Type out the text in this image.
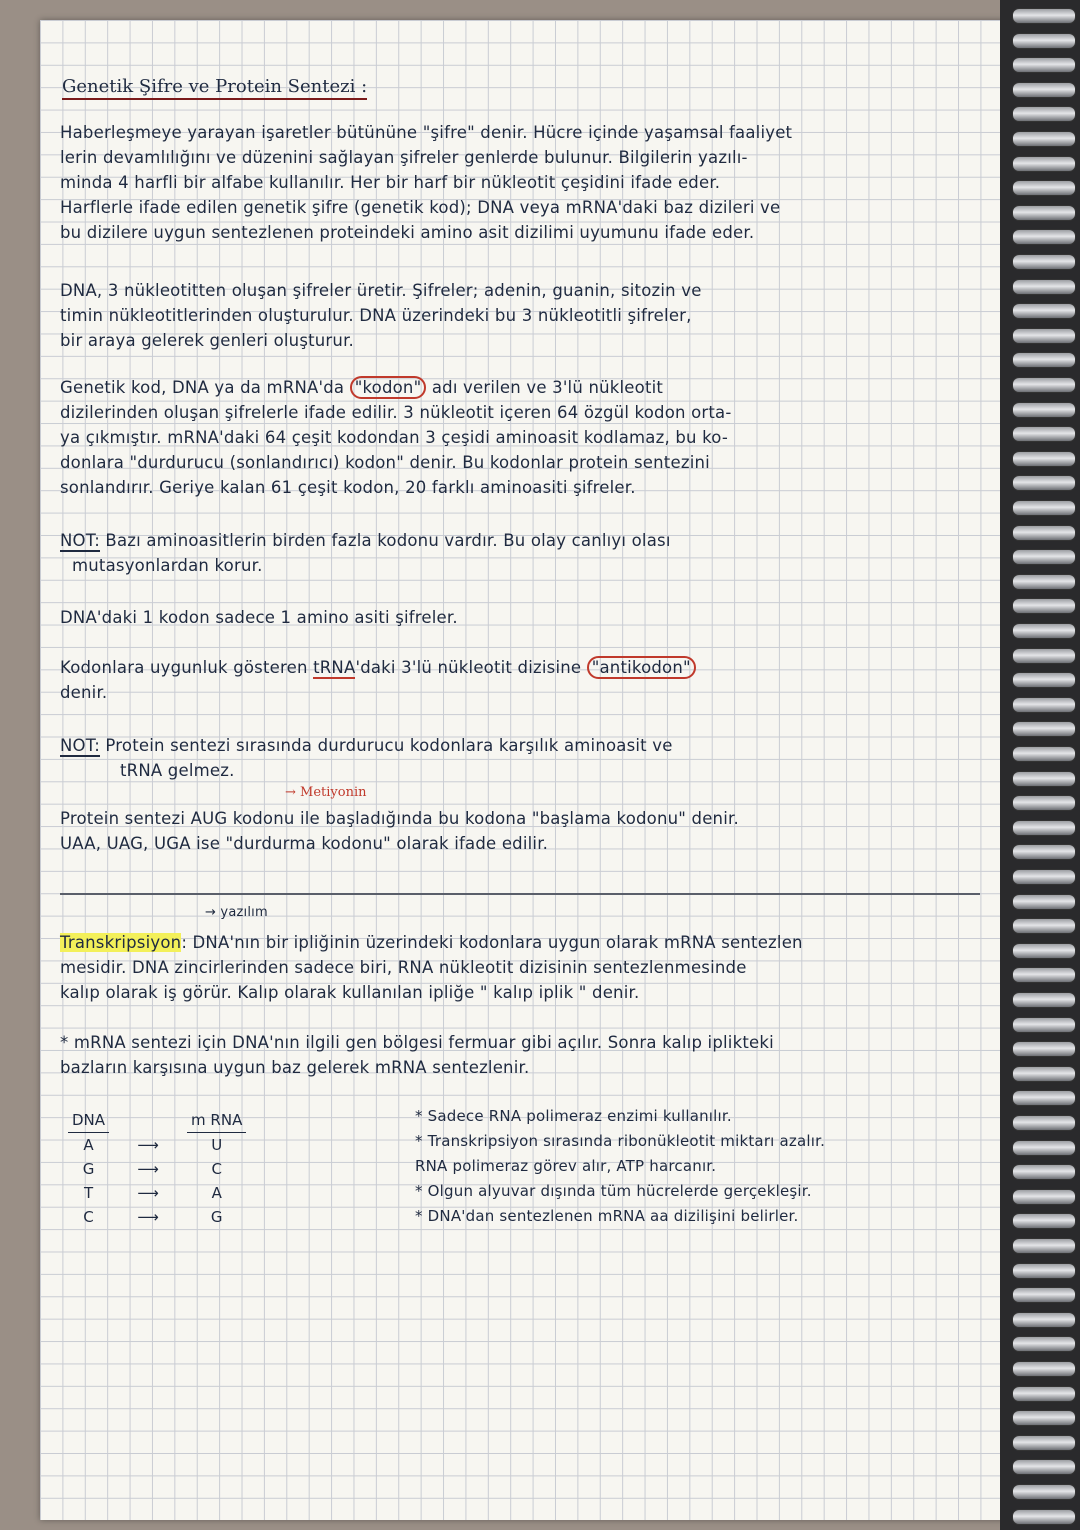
Genetik Şifre ve Protein Sentezi :
Haberleşmeye yarayan işaretler bütününe "şifre" denir. Hücre içinde yaşamsal faaliyet
lerin devamlılığını ve düzenini sağlayan şifreler genlerde bulunur. Bilgilerin yazılı-
minda 4 harfli bir alfabe kullanılır. Her bir harf bir nükleotit çeşidini ifade eder.
Harflerle ifade edilen genetik şifre (genetik kod); DNA veya mRNA'daki baz dizileri ve
bu dizilere uygun sentezlenen proteindeki amino asit dizilimi uyumunu ifade eder.
DNA, 3 nükleotitten oluşan şifreler üretir. Şifreler; adenin, guanin, sitozin ve
timin nükleotitlerinden oluşturulur. DNA üzerindeki bu 3 nükleotitli şifreler,
bir araya gelerek genleri oluşturur.
Genetik kod, DNA ya da mRNA'da "kodon" adı verilen ve 3'lü nükleotit
dizilerinden oluşan şifrelerle ifade edilir. 3 nükleotit içeren 64 özgül kodon orta-
ya çıkmıştır. mRNA'daki 64 çeşit kodondan 3 çeşidi aminoasit kodlamaz, bu ko-
donlara "durdurucu (sonlandırıcı) kodon" denir. Bu kodonlar protein sentezini
sonlandırır. Geriye kalan 61 çeşit kodon, 20 farklı aminoasiti şifreler.
NOT: Bazı aminoasitlerin birden fazla kodonu vardır. Bu olay canlıyı olası
mutasyonlardan korur.
DNA'daki 1 kodon sadece 1 amino asiti şifreler.
Kodonlara uygunluk gösteren tRNA'daki 3'lü nükleotit dizisine "antikodon"
denir.
NOT: Protein sentezi sırasında durdurucu kodonlara karşılık aminoasit ve
tRNA gelmez.
→ Metiyonin
Protein sentezi AUG kodonu ile başladığında bu kodona "başlama kodonu" denir.
UAA, UAG, UGA ise "durdurma kodonu" olarak ifade edilir.
→ yazılım
Transkripsiyon: DNA'nın bir ipliğinin üzerindeki kodonlara uygun olarak mRNA sentezlen
mesidir. DNA zincirlerinden sadece biri, RNA nükleotit dizisinin sentezlenmesinde
kalıp olarak iş görür. Kalıp olarak kullanılan ipliğe " kalıp iplik " denir.
* mRNA sentezi için DNA'nın ilgili gen bölgesi fermuar gibi açılır. Sonra kalıp iplikteki
bazların karşısına uygun baz gelerek mRNA sentezlenir.
DNA		m RNA
A	⟶	U
G	⟶	C
T	⟶	A
C	⟶	G
* Sadece RNA polimeraz enzimi kullanılır.
* Transkripsiyon sırasında ribonükleotit miktarı azalır.
RNA polimeraz görev alır, ATP harcanır.
* Olgun alyuvar dışında tüm hücrelerde gerçekleşir.
* DNA'dan sentezlenen mRNA aa dizilişini belirler.
